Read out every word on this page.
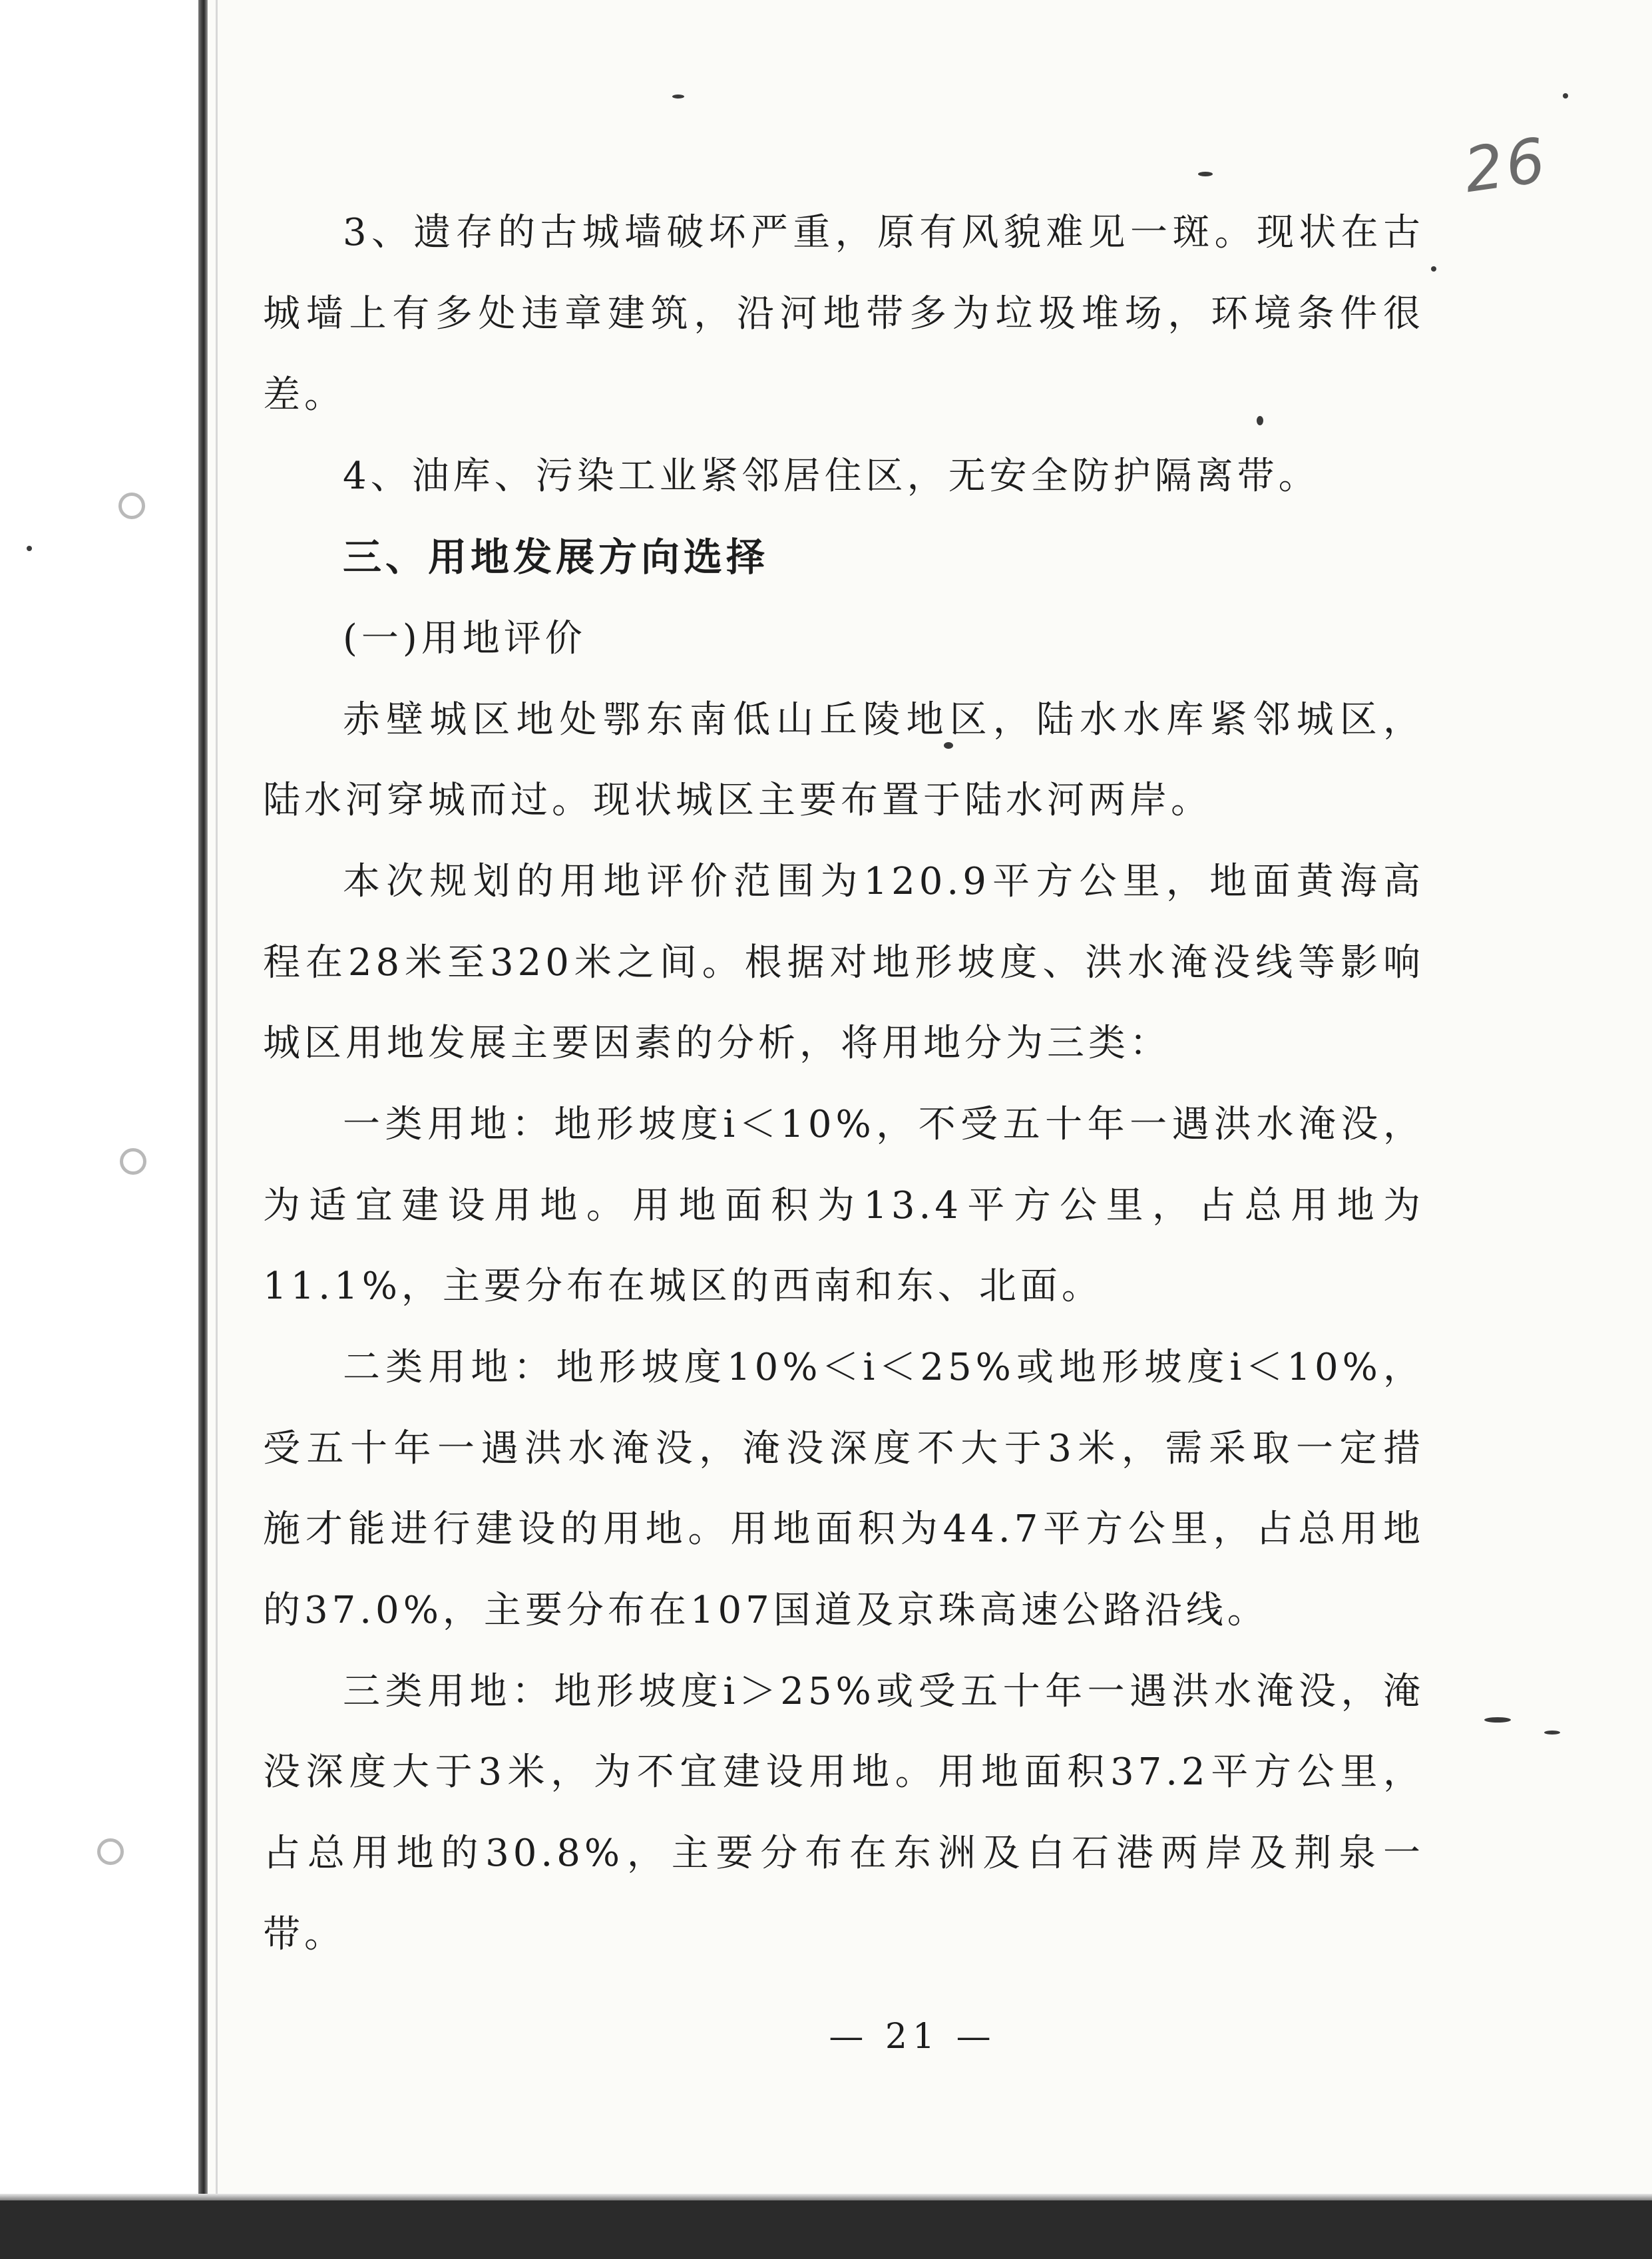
26
3、遗存的古城墙破坏严重，原有风貌难见一斑。现状在古
城墙上有多处违章建筑，沿河地带多为垃圾堆场，环境条件很
差。
4、油库、污染工业紧邻居住区，无安全防护隔离带。
三、用地发展方向选择
(一)用地评价
赤壁城区地处鄂东南低山丘陵地区，陆水水库紧邻城区，
陆水河穿城而过。现状城区主要布置于陆水河两岸。
本次规划的用地评价范围为120.9平方公里，地面黄海高
程在28米至320米之间。根据对地形坡度、洪水淹没线等影响
城区用地发展主要因素的分析，将用地分为三类：
一类用地：地形坡度i＜10%，不受五十年一遇洪水淹没，
为适宜建设用地。用地面积为13.4平方公里，占总用地为
11.1%，主要分布在城区的西南和东、北面。
二类用地：地形坡度10%＜i＜25%或地形坡度i＜10%，
受五十年一遇洪水淹没，淹没深度不大于3米，需采取一定措
施才能进行建设的用地。用地面积为44.7平方公里，占总用地
的37.0%，主要分布在107国道及京珠高速公路沿线。
三类用地：地形坡度i＞25%或受五十年一遇洪水淹没，淹
没深度大于3米，为不宜建设用地。用地面积37.2平方公里，
占总用地的30.8%，主要分布在东洲及白石港两岸及荆泉一
带。
— 21 —
